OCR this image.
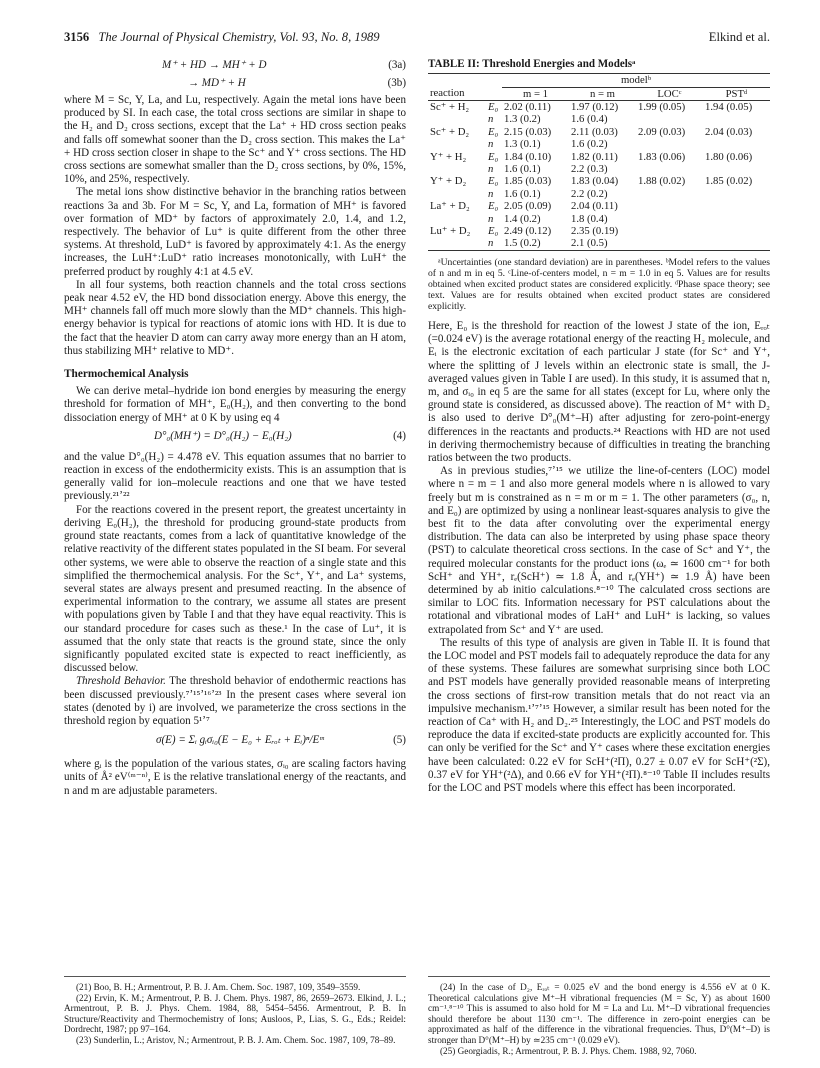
3156 The Journal of Physical Chemistry, Vol. 93, No. 8, 1989	Elkind et al.
M⁺ + HD → MH⁺ + D	(3a)
→ MD⁺ + H	(3b)

where M = Sc, Y, La, and Lu, respectively. Again the metal ions have been produced by SI. In each case, the total cross sections are similar in shape to the H₂ and D₂ cross sections, except that the La⁺ + HD cross section peaks and falls off somewhat sooner than the D₂ cross section. This makes the La⁺ + HD cross section closer in shape to the Sc⁺ and Y⁺ cross sections. The HD cross sections are somewhat smaller than the D₂ cross sections, by 0%, 15%, 10%, and 25%, respectively.

The metal ions show distinctive behavior in the branching ratios between reactions 3a and 3b. For M = Sc, Y, and La, formation of MH⁺ is favored over formation of MD⁺ by factors of approximately 2.0, 1.4, and 1.2, respectively. The behavior of Lu⁺ is quite different from the other three systems. At threshold, LuD⁺ is favored by approximately 4:1. As the energy increases, the LuH⁺:LuD⁺ ratio increases monotonically, with LuH⁺ the preferred product by roughly 4:1 at 4.5 eV.

In all four systems, both reaction channels and the total cross sections peak near 4.52 eV, the HD bond dissociation energy. Above this energy, the MH⁺ channels fall off much more slowly than the MD⁺ channels. This high-energy behavior is typical for reactions of atomic ions with HD. It is due to the fact that the heavier D atom can carry away more energy than an H atom, thus stabilizing MH⁺ relative to MD⁺.

Thermochemical Analysis

We can derive metal–hydride ion bond energies by measuring the energy threshold for formation of MH⁺, E₀(H₂), and then converting to the bond dissociation energy of MH⁺ at 0 K by using eq 4

D°₀(MH⁺) = D°₀(H₂) − E₀(H₂)	(4)

and the value D°₀(H₂) = 4.478 eV. This equation assumes that no barrier to reaction in excess of the endothermicity exists. This is an assumption that is generally valid for ion–molecule reactions and one that we have tested previously.²¹ʼ²²

For the reactions covered in the present report, the greatest uncertainty in deriving E₀(H₂), the threshold for producing ground-state products from ground state reactants, comes from a lack of quantitative knowledge of the relative reactivity of the different states populated in the SI beam. For several other systems, we were able to observe the reaction of a single state and this simplified the thermochemical analysis. For the Sc⁺, Y⁺, and La⁺ systems, several states are always present and presumed reacting. In the absence of experimental information to the contrary, we assume all states are present with populations given by Table I and that they have equal reactivity. This is our standard procedure for cases such as these.¹ In the case of Lu⁺, it is assumed that the only state that reacts is the ground state, since the only significantly populated excited state is expected to react inefficiently, as discussed below.

Threshold Behavior. The threshold behavior of endothermic reactions has been discussed previously.⁷ʼ¹⁵ʼ¹⁶ʼ²³ In the present cases where several ion states (denoted by i) are involved, we parameterize the cross sections in the threshold region by equation 5¹ʼ⁷

σ(E) = Σᵢ gᵢσᵢ₀(E − E₀ + Eᵣₒₜ + Eᵢ)ⁿ/Eᵐ	(5)

where gᵢ is the population of the various states, σᵢ₀ are scaling factors having units of Å² eV⁽ᵐ⁻ⁿ⁾, E is the relative translational energy of the reactants, and n and m are adjustable parameters.

TABLE II: Threshold Energies and Modelsᵃ
		modelᵇ			
reaction		m = 1	n = m	LOCᶜ	PSTᵈ
Sc⁺ + H₂	E₀	2.02 (0.11)	1.97 (0.12)	1.99 (0.05)	1.94 (0.05)
	n	1.3 (0.2)	1.6 (0.4)		
Sc⁺ + D₂	E₀	2.15 (0.03)	2.11 (0.03)	2.09 (0.03)	2.04 (0.03)
	n	1.3 (0.1)	1.6 (0.2)		
Y⁺ + H₂	E₀	1.84 (0.10)	1.82 (0.11)	1.83 (0.06)	1.80 (0.06)
	n	1.6 (0.1)	2.2 (0.3)		
Y⁺ + D₂	E₀	1.85 (0.03)	1.83 (0.04)	1.88 (0.02)	1.85 (0.02)
	n	1.6 (0.1)	2.2 (0.2)		
La⁺ + D₂	E₀	2.05 (0.09)	2.04 (0.11)		
	n	1.4 (0.2)	1.8 (0.4)		
Lu⁺ + D₂	E₀	2.49 (0.12)	2.35 (0.19)		
	n	1.5 (0.2)	2.1 (0.5)		

ᵃUncertainties (one standard deviation) are in parentheses. ᵇModel refers to the values of n and m in eq 5. ᶜLine-of-centers model, n = m = 1.0 in eq 5. Values are for results obtained when excited product states are considered explicitly. ᵈPhase space theory; see text. Values are for results obtained when excited product states are considered explicitly.

Here, E₀ is the threshold for reaction of the lowest J state of the ion, Eᵣₒₜ (=0.024 eV) is the average rotational energy of the reacting H₂ molecule, and Eᵢ is the electronic excitation of each particular J state (for Sc⁺ and Y⁺, where the splitting of J levels within an electronic state is small, the J-averaged values given in Table I are used). In this study, it is assumed that n, m, and σᵢ₀ in eq 5 are the same for all states (except for Lu, where only the ground state is considered, as discussed above). The reaction of M⁺ with D₂ is also used to derive D°₀(M⁺–H) after adjusting for zero-point-energy differences in the reactants and products.²⁴ Reactions with HD are not used in deriving thermochemistry because of difficulties in treating the branching ratios between the two products.

As in previous studies,⁷ʼ¹⁵ we utilize the line-of-centers (LOC) model where n = m = 1 and also more general models where n is allowed to vary freely but m is constrained as n = m or m = 1. The other parameters (σ₀, n, and E₀) are optimized by using a nonlinear least-squares analysis to give the best fit to the data after convoluting over the experimental energy distribution. The data can also be interpreted by using phase space theory (PST) to calculate theoretical cross sections. In the case of Sc⁺ and Y⁺, the required molecular constants for the product ions (ωₑ ≃ 1600 cm⁻¹ for both ScH⁺ and YH⁺, rₑ(ScH⁺) ≃ 1.8 Å, and rₑ(YH⁺) ≃ 1.9 Å) have been determined by ab initio calculations.⁸⁻¹⁰ The calculated cross sections are similar to LOC fits. Information necessary for PST calculations about the rotational and vibrational modes of LaH⁺ and LuH⁺ is lacking, so values extrapolated from Sc⁺ and Y⁺ are used.

The results of this type of analysis are given in Table II. It is found that the LOC model and PST models fail to adequately reproduce the data for any of these systems. These failures are somewhat surprising since both LOC and PST models have generally provided reasonable means of interpreting the cross sections of first-row transition metals that do not react via an impulsive mechanism.¹ʼ⁷ʼ¹⁵ However, a similar result has been noted for the reaction of Ca⁺ with H₂ and D₂.²⁵ Interestingly, the LOC and PST models do reproduce the data if excited-state products are explicitly accounted for. This can only be verified for the Sc⁺ and Y⁺ cases where these excitation energies have been calculated: 0.22 eV for ScH⁺(²Π), 0.27 ± 0.07 eV for ScH⁺(²Σ), 0.37 eV for YH⁺(²Δ), and 0.66 eV for YH⁺(²Π).⁸⁻¹⁰ Table II includes results for the LOC and PST models where this effect has been incorporated.

(21) Boo, B. H.; Armentrout, P. B. J. Am. Chem. Soc. 1987, 109, 3549–3559.
(22) Ervin, K. M.; Armentrout, P. B. J. Chem. Phys. 1987, 86, 2659–2673. Elkind, J. L.; Armentrout, P. B. J. Phys. Chem. 1984, 88, 5454–5456. Armentrout, P. B. In Structure/Reactivity and Thermochemistry of Ions; Ausloos, P., Lias, S. G., Eds.; Reidel: Dordrecht, 1987; pp 97–164.
(23) Sunderlin, L.; Aristov, N.; Armentrout, P. B. J. Am. Chem. Soc. 1987, 109, 78–89.
(24) In the case of D₂, Eᵣₒₜ = 0.025 eV and the bond energy is 4.556 eV at 0 K. Theoretical calculations give M⁺–H vibrational frequencies (M = Sc, Y) as about 1600 cm⁻¹.⁸⁻¹⁰ This is assumed to also hold for M = La and Lu. M⁺–D vibrational frequencies should therefore be about 1130 cm⁻¹. The difference in zero-point energies can be approximated as half of the difference in the vibrational frequencies. Thus, D°(M⁺–D) is stronger than D°(M⁺–H) by ≃235 cm⁻¹ (0.029 eV).
(25) Georgiadis, R.; Armentrout, P. B. J. Phys. Chem. 1988, 92, 7060.
